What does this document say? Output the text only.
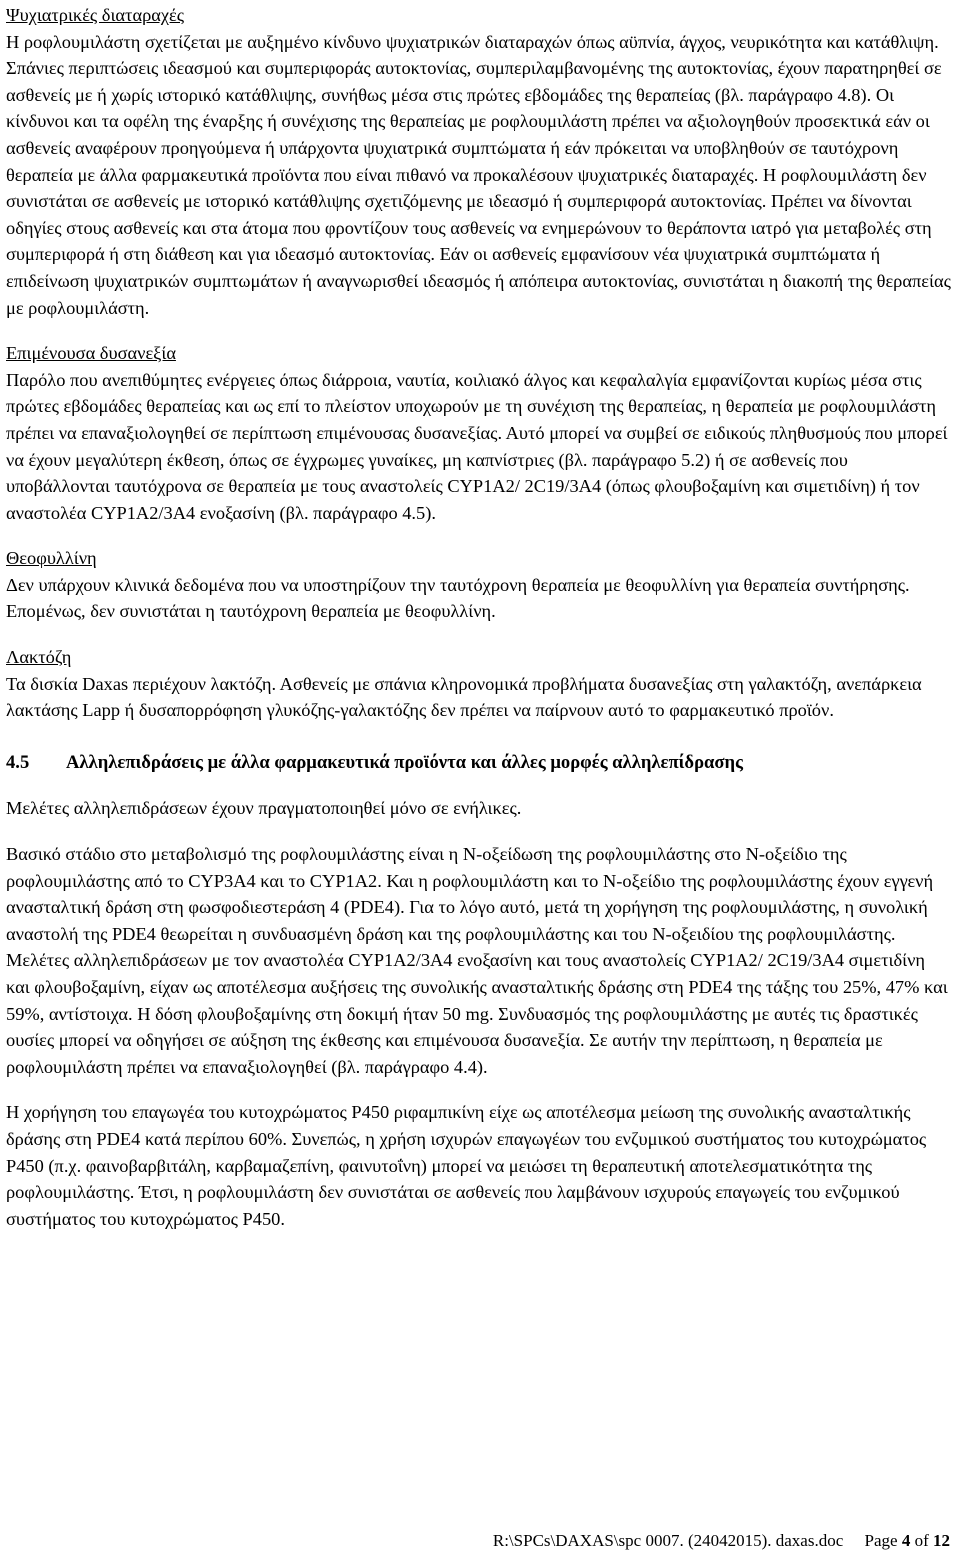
Ψυχιατρικές διαταραχές

Η ροφλουμιλάστη σχετίζεται με αυξημένο κίνδυνο ψυχιατρικών διαταραχών όπως αϋπνία, άγχος, νευρικότητα και κατάθλιψη. Σπάνιες περιπτώσεις ιδεασμού και συμπεριφοράς αυτοκτονίας, συμπεριλαμβανομένης της αυτοκτονίας, έχουν παρατηρηθεί σε ασθενείς με ή χωρίς ιστορικό κατάθλιψης, συνήθως μέσα στις πρώτες εβδομάδες της θεραπείας (βλ. παράγραφο 4.8). Οι κίνδυνοι και τα οφέλη της έναρξης ή συνέχισης της θεραπείας με ροφλουμιλάστη πρέπει να αξιολογηθούν προσεκτικά εάν οι ασθενείς αναφέρουν προηγούμενα ή υπάρχοντα ψυχιατρικά συμπτώματα ή εάν πρόκειται να υποβληθούν σε ταυτόχρονη θεραπεία με άλλα φαρμακευτικά προϊόντα που είναι πιθανό να προκαλέσουν ψυχιατρικές διαταραχές. Η ροφλουμιλάστη δεν συνιστάται σε ασθενείς με ιστορικό κατάθλιψης σχετιζόμενης με ιδεασμό ή συμπεριφορά αυτοκτονίας. Πρέπει να δίνονται οδηγίες στους ασθενείς και στα άτομα που φροντίζουν τους ασθενείς να ενημερώνουν το θεράποντα ιατρό για μεταβολές στη συμπεριφορά ή στη διάθεση και για ιδεασμό αυτοκτονίας. Εάν οι ασθενείς εμφανίσουν νέα ψυχιατρικά συμπτώματα ή επιδείνωση ψυχιατρικών συμπτωμάτων ή αναγνωρισθεί ιδεασμός ή απόπειρα αυτοκτονίας, συνιστάται η διακοπή της θεραπείας με ροφλουμιλάστη.

Επιμένουσα δυσανεξία

Παρόλο που ανεπιθύμητες ενέργειες όπως διάρροια, ναυτία, κοιλιακό άλγος και κεφαλαλγία εμφανίζονται κυρίως μέσα στις πρώτες εβδομάδες θεραπείας και ως επί το πλείστον υποχωρούν με τη συνέχιση της θεραπείας, η θεραπεία με ροφλουμιλάστη πρέπει να επαναξιολογηθεί σε περίπτωση επιμένουσας δυσανεξίας. Αυτό μπορεί να συμβεί σε ειδικούς πληθυσμούς που μπορεί να έχουν μεγαλύτερη έκθεση, όπως σε έγχρωμες γυναίκες, μη καπνίστριες (βλ. παράγραφο 5.2) ή σε ασθενείς που υποβάλλονται ταυτόχρονα σε θεραπεία με τους αναστολείς CYP1A2/ 2C19/3A4 (όπως φλουβοξαμίνη και σιμετιδίνη) ή τον αναστολέα CYP1A2/3A4 ενοξασίνη (βλ. παράγραφο 4.5).

Θεοφυλλίνη

Δεν υπάρχουν κλινικά δεδομένα που να υποστηρίζουν την ταυτόχρονη θεραπεία με θεοφυλλίνη για θεραπεία συντήρησης. Επομένως, δεν συνιστάται η ταυτόχρονη θεραπεία με θεοφυλλίνη.

Λακτόζη

Τα δισκία Daxas περιέχουν λακτόζη. Ασθενείς με σπάνια κληρονομικά προβλήματα δυσανεξίας στη γαλακτόζη, ανεπάρκεια λακτάσης Lapp ή δυσαπορρόφηση γλυκόζης-γαλακτόζης δεν πρέπει να παίρνουν αυτό το φαρμακευτικό προϊόν.

4.5	Αλληλεπιδράσεις με άλλα φαρμακευτικά προϊόντα και άλλες μορφές αλληλεπίδρασης

Μελέτες αλληλεπιδράσεων έχουν πραγματοποιηθεί μόνο σε ενήλικες.

Βασικό στάδιο στο μεταβολισμό της ροφλουμιλάστης είναι η N-οξείδωση της ροφλουμιλάστης στο N-οξείδιο της ροφλουμιλάστης από το CYP3A4 και το CYP1A2. Και η ροφλουμιλάστη και το N-οξείδιο της ροφλουμιλάστης έχουν εγγενή ανασταλτική δράση στη φωσφοδιεστεράση 4 (PDE4). Για το λόγο αυτό, μετά τη χορήγηση της ροφλουμιλάστης, η συνολική αναστολή της PDE4 θεωρείται η συνδυασμένη δράση και της ροφλουμιλάστης και του N-οξειδίου της ροφλουμιλάστης. Μελέτες αλληλεπιδράσεων με τον αναστολέα CYP1A2/3A4 ενοξασίνη και τους αναστολείς CYP1A2/ 2C19/3A4 σιμετιδίνη και φλουβοξαμίνη, είχαν ως αποτέλεσμα αυξήσεις της συνολικής ανασταλτικής δράσης στη PDE4 της τάξης του 25%, 47% και 59%, αντίστοιχα. Η δόση φλουβοξαμίνης στη δοκιμή ήταν 50 mg. Συνδυασμός της ροφλουμιλάστης με αυτές τις δραστικές ουσίες μπορεί να οδηγήσει σε αύξηση της έκθεσης και επιμένουσα δυσανεξία. Σε αυτήν την περίπτωση, η θεραπεία με ροφλουμιλάστη πρέπει να επαναξιολογηθεί (βλ. παράγραφο 4.4).

Η χορήγηση του επαγωγέα του κυτοχρώματος P450 ριφαμπικίνη είχε ως αποτέλεσμα μείωση της συνολικής ανασταλτικής δράσης στη PDE4 κατά περίπου 60%. Συνεπώς, η χρήση ισχυρών επαγωγέων του ενζυμικού συστήματος του κυτοχρώματος P450 (π.χ. φαινοβαρβιτάλη, καρβαμαζεπίνη, φαινυτοΐνη) μπορεί να μειώσει τη θεραπευτική αποτελεσματικότητα της ροφλουμιλάστης. Έτσι, η ροφλουμιλάστη δεν συνιστάται σε ασθενείς που λαμβάνουν ισχυρούς επαγωγείς του ενζυμικού συστήματος του κυτοχρώματος P450.

R:\SPCs\DAXAS\spc 0007. (24042015). daxas.doc Page 4 of 12
